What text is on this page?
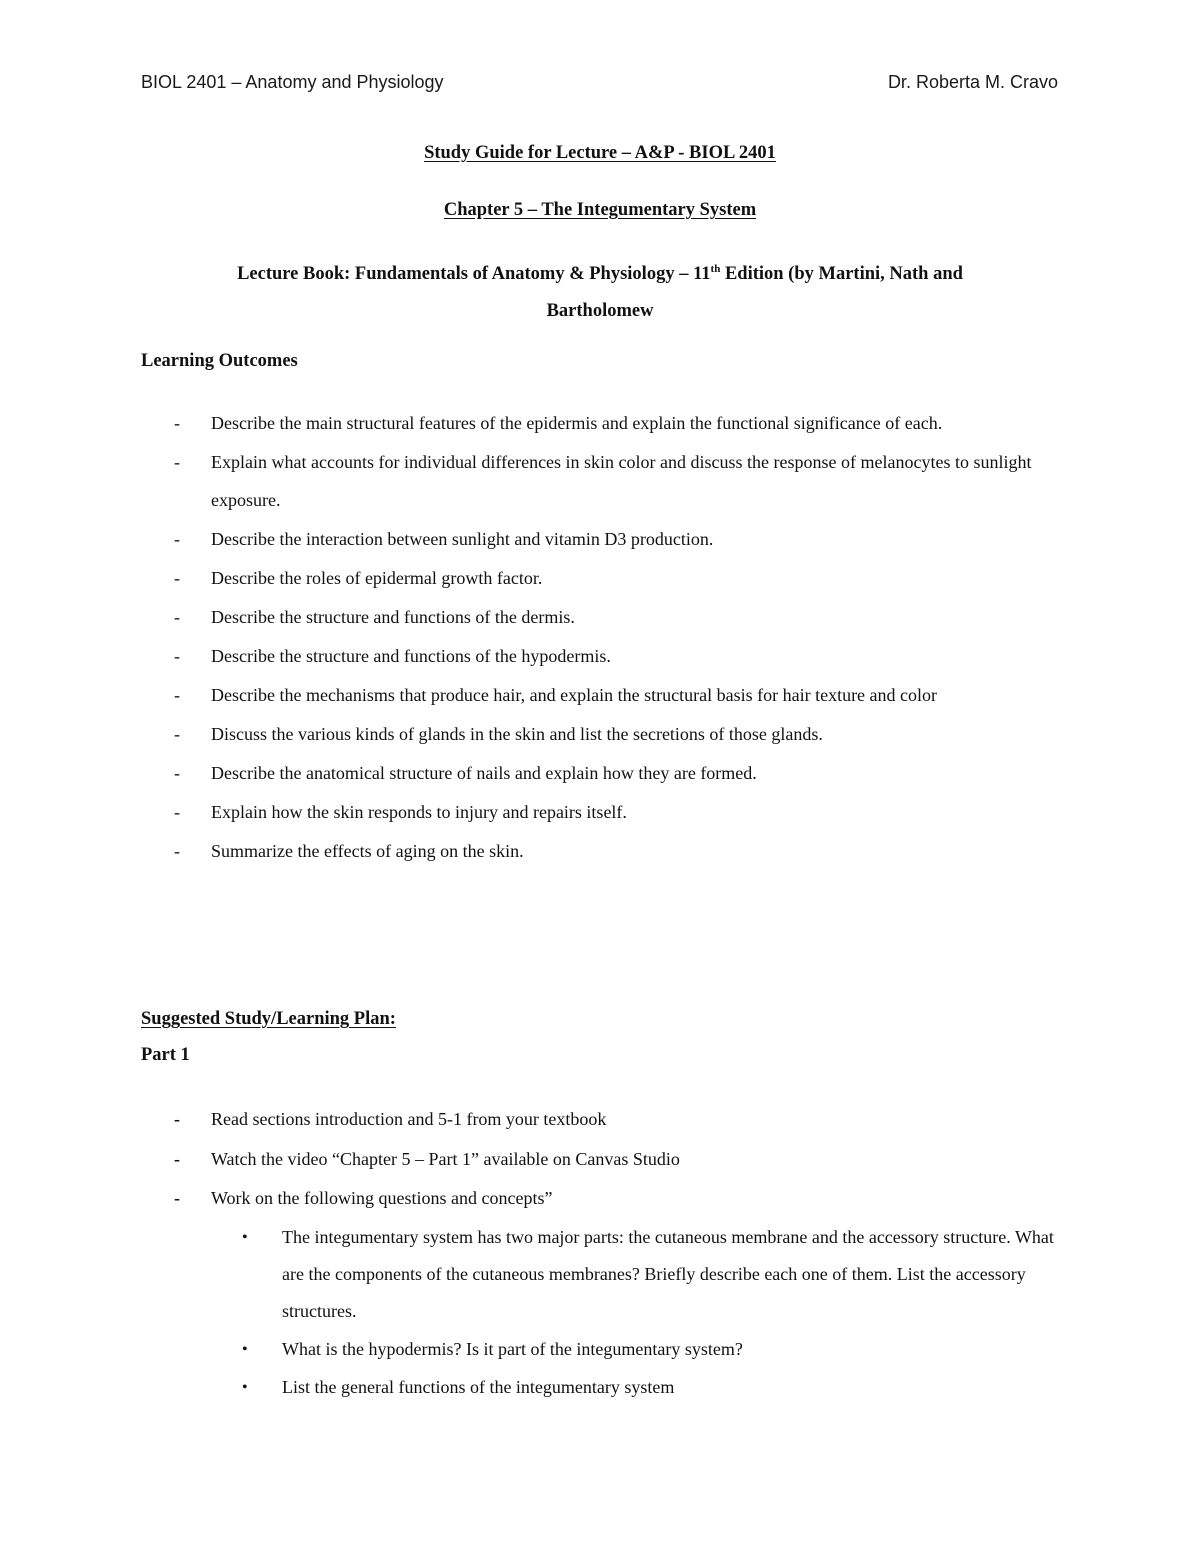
BIOL 2401 – Anatomy and Physiology	Dr. Roberta M. Cravo
Study Guide for Lecture – A&P - BIOL 2401
Chapter 5 – The Integumentary System
Lecture Book: Fundamentals of Anatomy & Physiology – 11th Edition (by Martini, Nath and
Bartholomew
Learning Outcomes
- Describe the main structural features of the epidermis and explain the functional significance of each.
- Explain what accounts for individual differences in skin color and discuss the response of melanocytes to sunlight exposure.
- Describe the interaction between sunlight and vitamin D3 production.
- Describe the roles of epidermal growth factor.
- Describe the structure and functions of the dermis.
- Describe the structure and functions of the hypodermis.
- Describe the mechanisms that produce hair, and explain the structural basis for hair texture and color
- Discuss the various kinds of glands in the skin and list the secretions of those glands.
- Describe the anatomical structure of nails and explain how they are formed.
- Explain how the skin responds to injury and repairs itself.
- Summarize the effects of aging on the skin.
Suggested Study/Learning Plan:
Part 1
- Read sections introduction and 5-1 from your textbook
- Watch the video “Chapter 5 – Part 1” available on Canvas Studio
- Work on the following questions and concepts”
• The integumentary system has two major parts: the cutaneous membrane and the accessory structure. What are the components of the cutaneous membranes? Briefly describe each one of them. List the accessory structures.
• What is the hypodermis? Is it part of the integumentary system?
• List the general functions of the integumentary system
